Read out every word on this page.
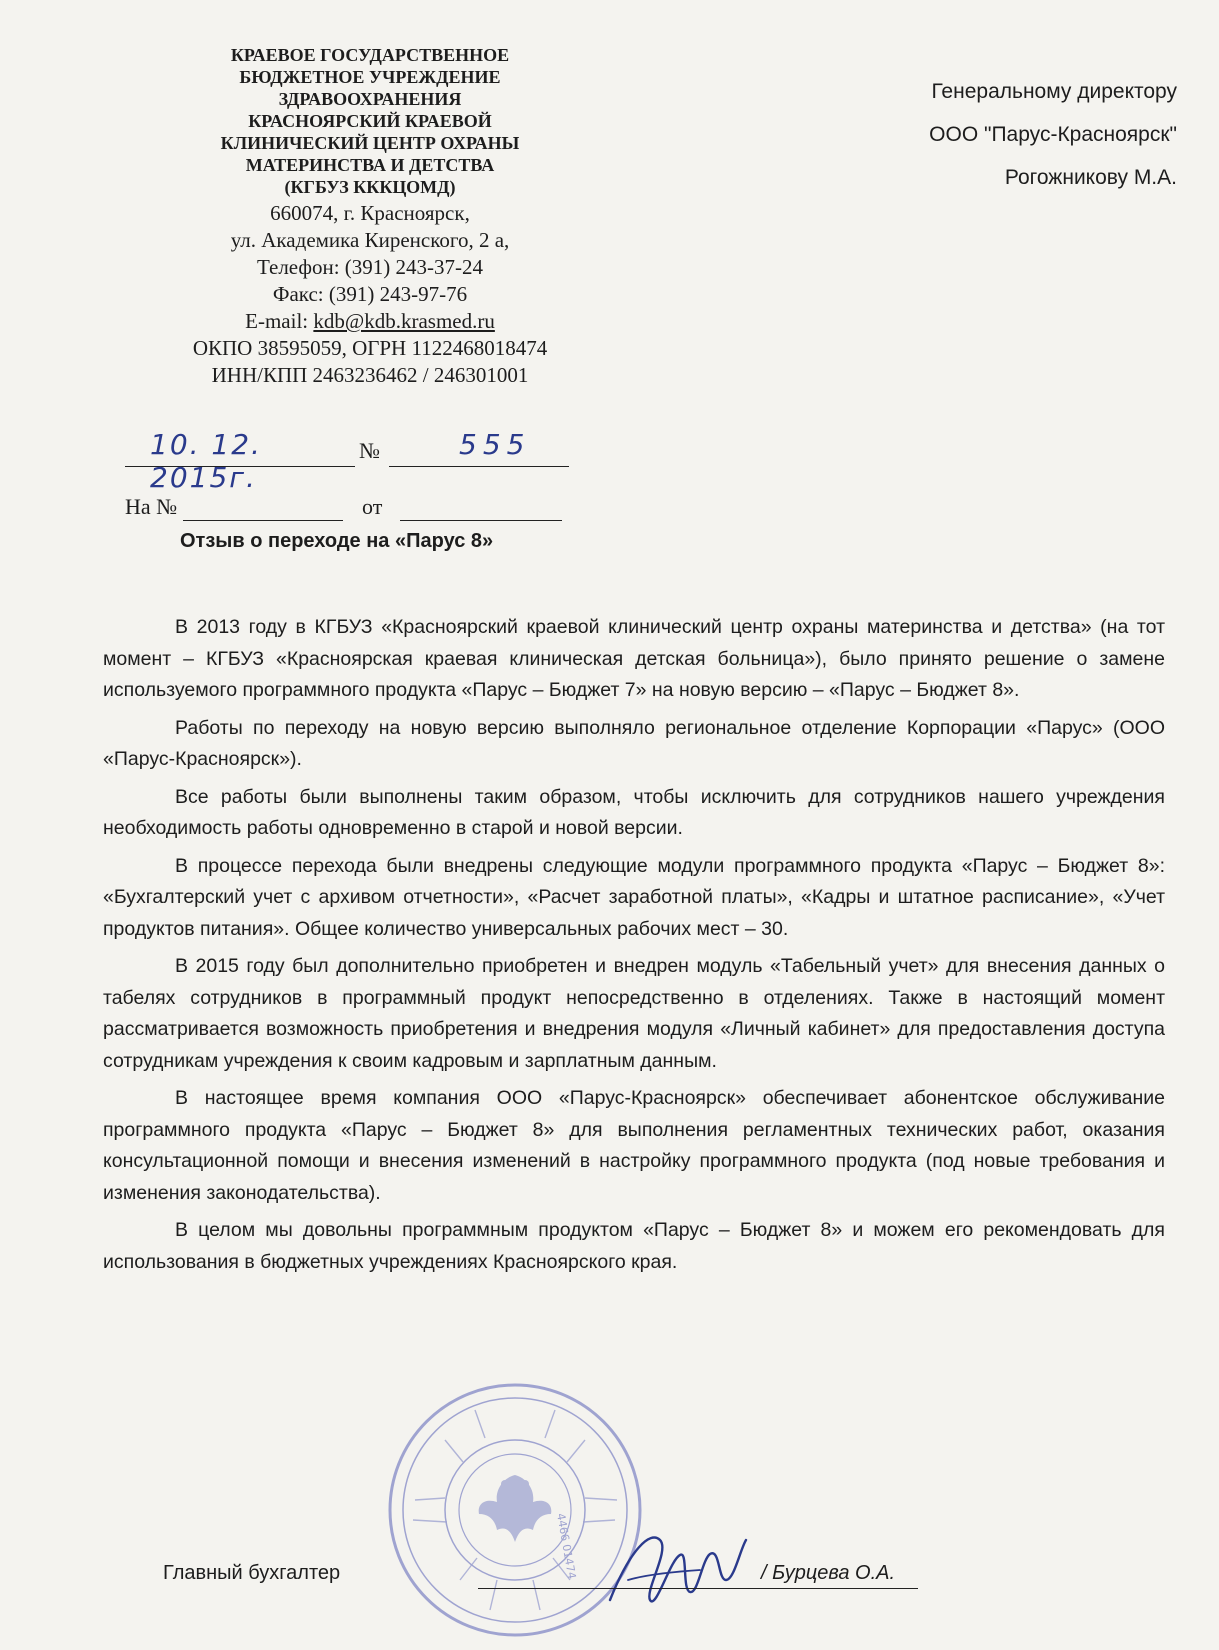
КРАЕВОЕ ГОСУДАРСТВЕННОЕ

БЮДЖЕТНОЕ УЧРЕЖДЕНИЕ

ЗДРАВООХРАНЕНИЯ

КРАСНОЯРСКИЙ КРАЕВОЙ

КЛИНИЧЕСКИЙ ЦЕНТР ОХРАНЫ

МАТЕРИНСТВА И ДЕТСТВА

(КГБУЗ КККЦОМД)

660074, г. Красноярск,

ул. Академика Киренского, 2 а,

Телефон: (391) 243-37-24

Факс: (391) 243-97-76

E-mail: kdb@kdb.krasmed.ru

ОКПО 38595059, ОГРН 1122468018474

ИНН/КПП 2463236462 / 246301001

Генеральному директору
ООО "Парус-Красноярск"
Рогожникову М.А.
10. 12. 2015г.
№	555
На №	от
Отзыв о переходе на «Парус 8»

В 2013 году в КГБУЗ «Красноярский краевой клинический центр охраны материнства и детства» (на тот момент – КГБУЗ «Красноярская краевая клиническая детская больница»), было принято решение о замене используемого программного продукта «Парус – Бюджет 7» на новую версию – «Парус – Бюджет 8».

Работы по переходу на новую версию выполняло региональное отделение Корпорации «Парус» (ООО «Парус-Красноярск»).

Все работы были выполнены таким образом, чтобы исключить для сотрудников нашего учреждения необходимость работы одновременно в старой и новой версии.

В процессе перехода были внедрены следующие модули программного продукта «Парус – Бюджет 8»: «Бухгалтерский учет с архивом отчетности», «Расчет заработной платы», «Кадры и штатное расписание», «Учет продуктов питания». Общее количество универсальных рабочих мест – 30.

В 2015 году был дополнительно приобретен и внедрен модуль «Табельный учет» для внесения данных о табелях сотрудников в программный продукт непосредственно в отделениях. Также в настоящий момент рассматривается возможность приобретения и внедрения модуля «Личный кабинет» для предоставления доступа сотрудникам учреждения к своим кадровым и зарплатным данным.

В настоящее время компания ООО «Парус-Красноярск» обеспечивает абонентское обслуживание программного продукта «Парус – Бюджет 8» для выполнения регламентных технических работ, оказания консультационной помощи и внесения изменений в настройку программного продукта (под новые требования и изменения законодательства).

В целом мы довольны программным продуктом «Парус – Бюджет 8» и можем его рекомендовать для использования в бюджетных учреждениях Красноярского края.

4466 01474
Главный бухгалтер	/ Бурцева О.А.
